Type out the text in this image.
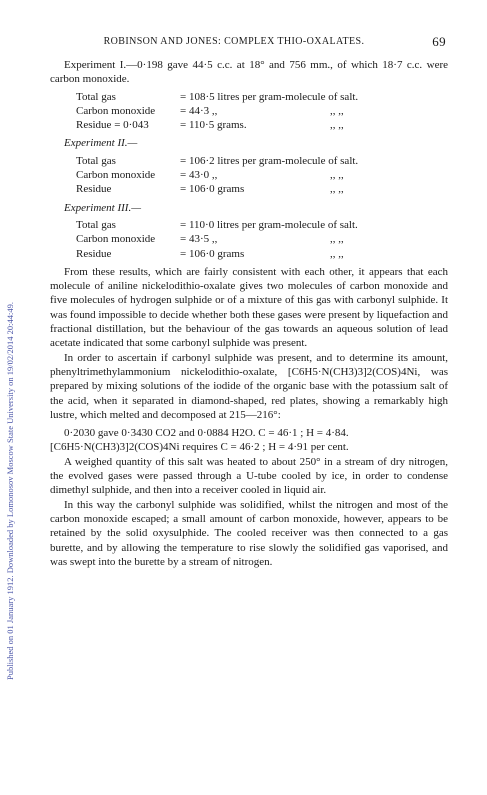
Published on 01 January 1912. Downloaded by Lomonosov Moscow State University on 19/02/2014 20:44:49.
ROBINSON AND JONES: COMPLEX THIO-OXALATES.	69

Experiment I.—0·198 gave 44·5 c.c. at 18° and 756 mm., of which 18·7 c.c. were carbon monoxide.

Total gas	= 108·5 litres per gram-molecule of salt.
Carbon monoxide	= 44·3 ,,	,, ,,
Residue = 0·043	= 110·5 grams.	,, ,,

Experiment II.—

Total gas	= 106·2 litres per gram-molecule of salt.
Carbon monoxide	= 43·0 ,,	,, ,,
Residue	= 106·0 grams	,, ,,

Experiment III.—

Total gas	= 110·0 litres per gram-molecule of salt.
Carbon monoxide	= 43·5 ,,	,, ,,
Residue	= 106·0 grams	,, ,,

From these results, which are fairly consistent with each other, it appears that each molecule of aniline nickelodithio-oxalate gives two molecules of carbon monoxide and five molecules of hydrogen sulphide or of a mixture of this gas with carbonyl sulphide. It was found impossible to decide whether both these gases were present by liquefaction and fractional distillation, but the behaviour of the gas towards an aqueous solution of lead acetate indicated that some carbonyl sulphide was present.

In order to ascertain if carbonyl sulphide was present, and to determine its amount, phenyltrimethylammonium nickelodithio-oxalate, [C6H5·N(CH3)3]2(COS)4Ni, was prepared by mixing solutions of the iodide of the organic base with the potassium salt of the acid, when it separated in diamond-shaped, red plates, showing a remarkably high lustre, which melted and decomposed at 215—216°:

0·2030 gave 0·3430 CO2 and 0·0884 H2O. C = 46·1 ; H = 4·84.

[C6H5·N(CH3)3]2(COS)4Ni requires C = 46·2 ; H = 4·91 per cent.

A weighed quantity of this salt was heated to about 250° in a stream of dry nitrogen, the evolved gases were passed through a U-tube cooled by ice, in order to condense dimethyl sulphide, and then into a receiver cooled in liquid air.

In this way the carbonyl sulphide was solidified, whilst the nitrogen and most of the carbon monoxide escaped; a small amount of carbon monoxide, however, appears to be retained by the solid oxysulphide. The cooled receiver was then connected to a gas burette, and by allowing the temperature to rise slowly the solidified gas vaporised, and was swept into the burette by a stream of nitrogen.
